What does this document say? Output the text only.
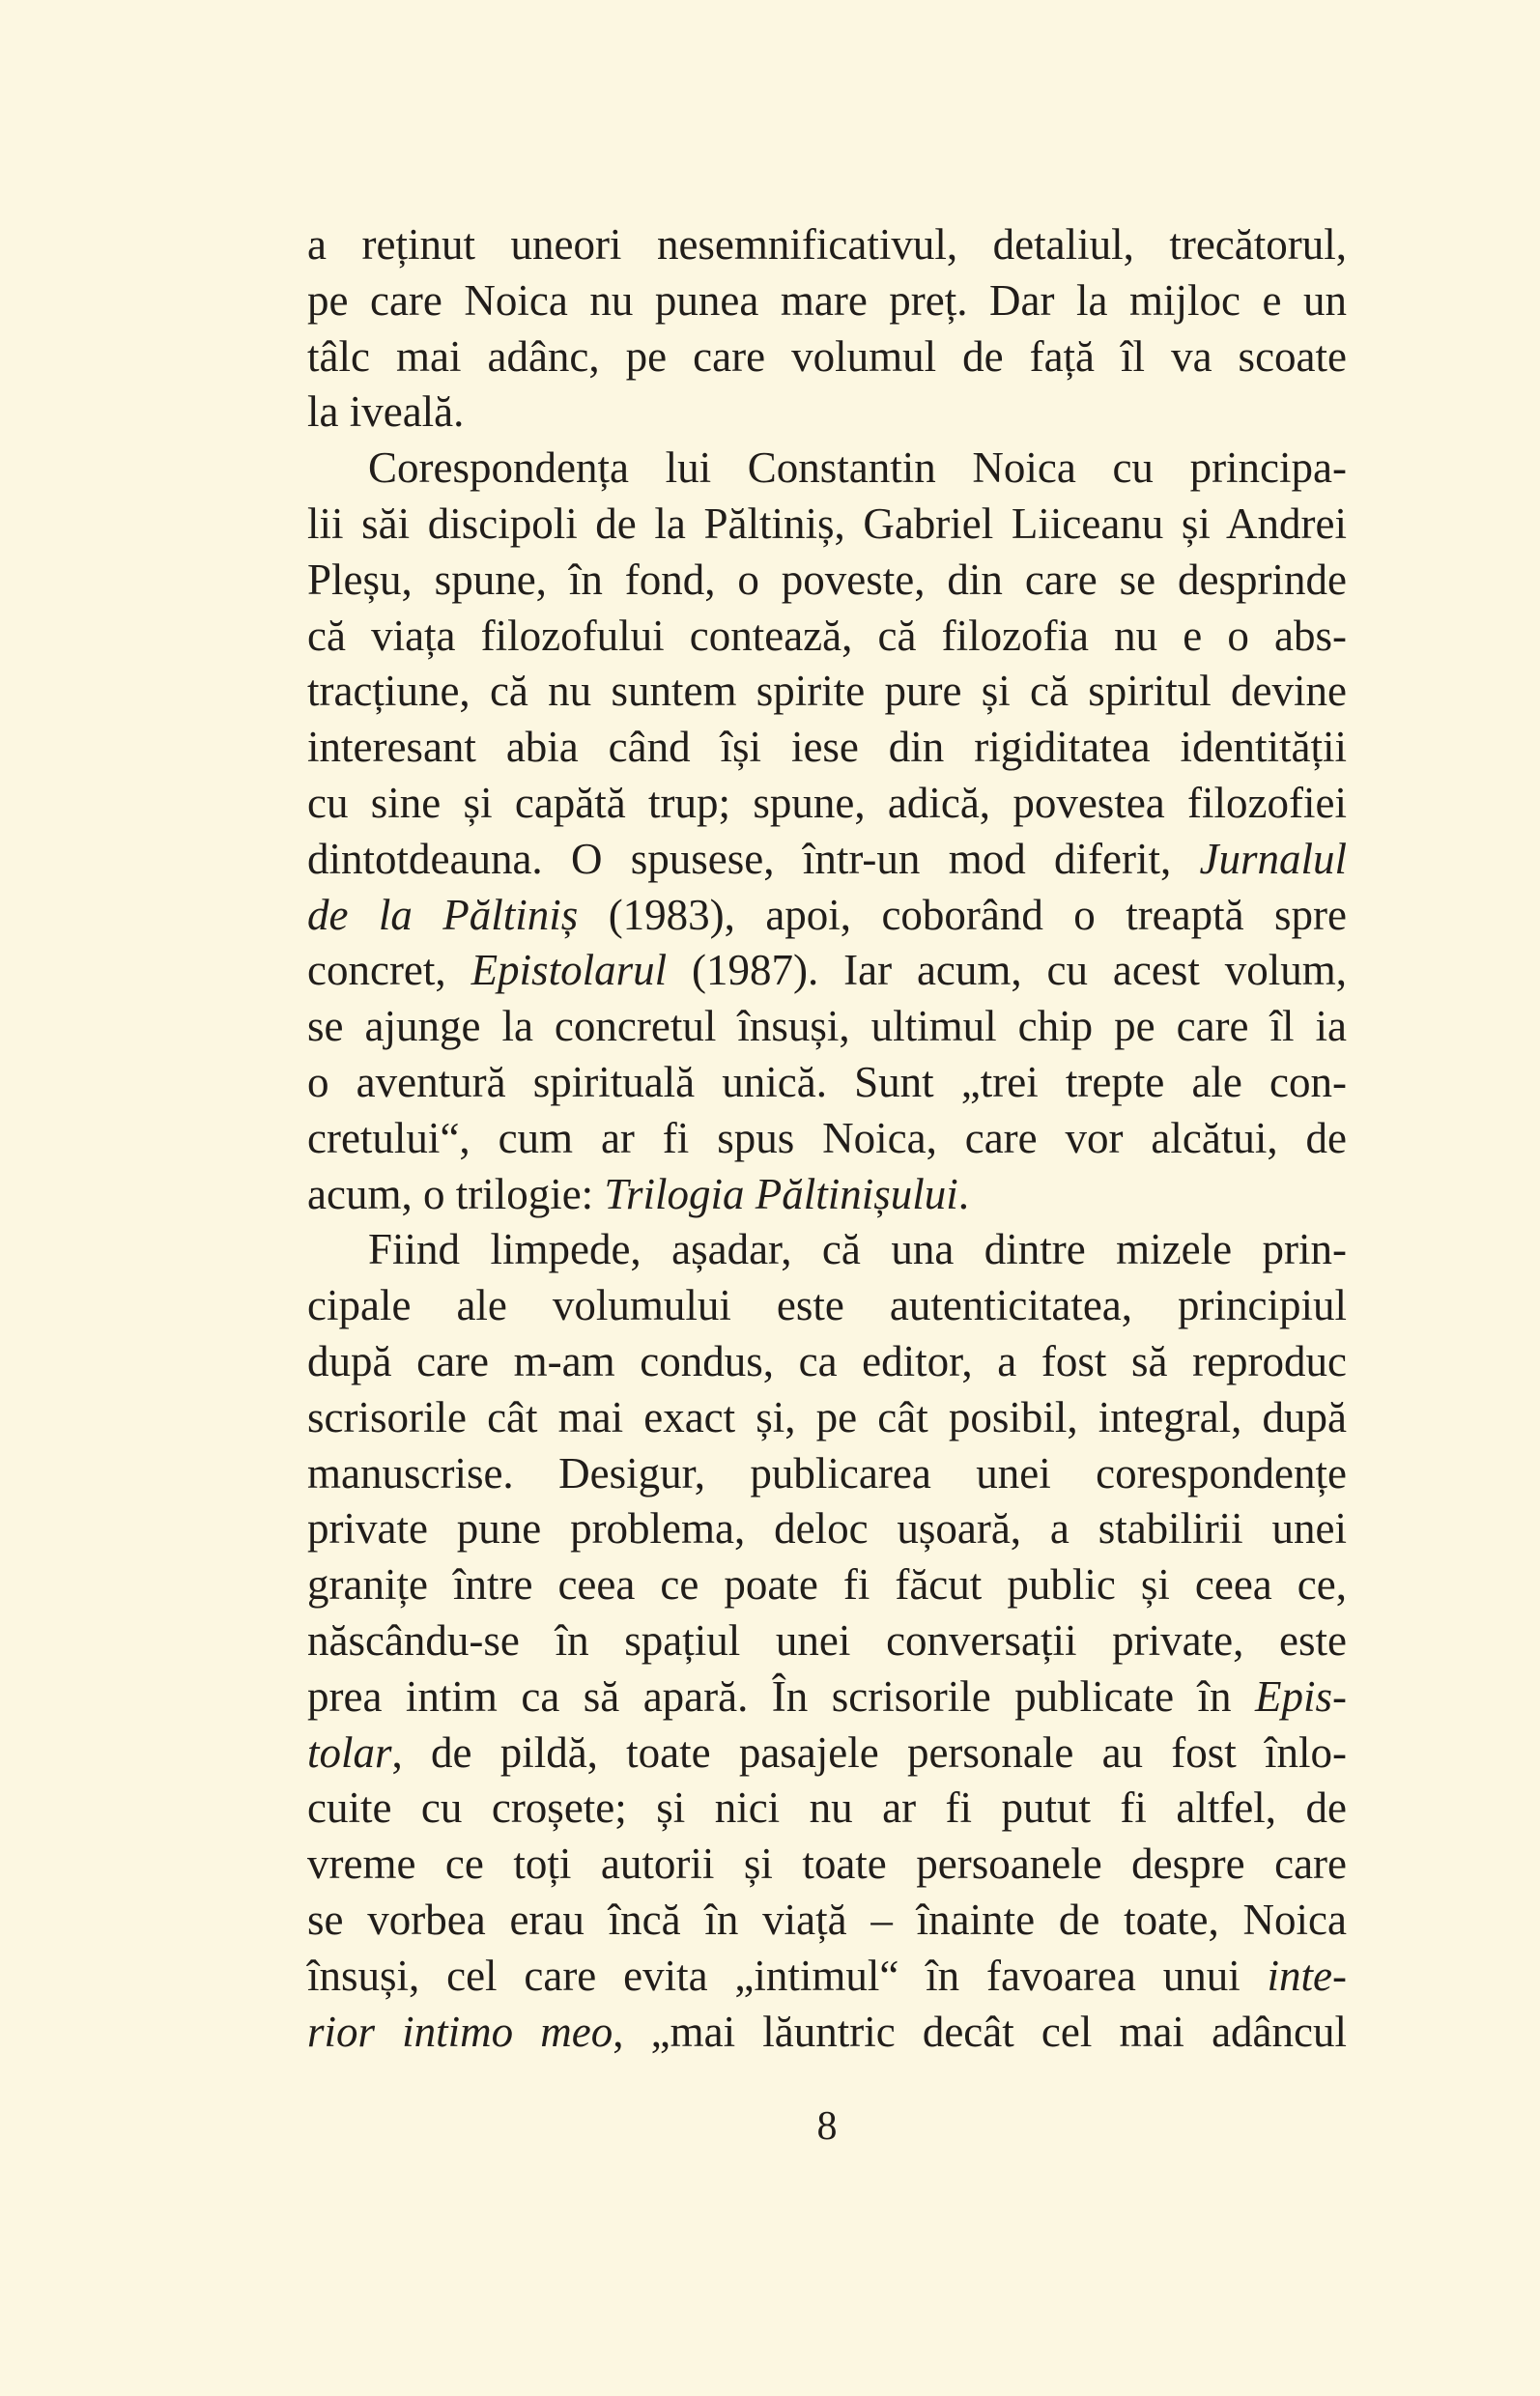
a reținut uneori nesemnificativul, detaliul, trecătorul,
pe care Noica nu punea mare preț. Dar la mijloc e un
tâlc mai adânc, pe care volumul de față îl va scoate
la iveală.
Corespondența lui Constantin Noica cu principa-
lii săi discipoli de la Păltiniș, Gabriel Liiceanu și Andrei
Pleșu, spune, în fond, o poveste, din care se desprinde
că viața filozofului contează, că filozofia nu e o abs-
tracțiune, că nu suntem spirite pure și că spiritul devine
interesant abia când își iese din rigiditatea identității
cu sine și capătă trup; spune, adică, povestea filozofiei
dintotdeauna. O spusese, într-un mod diferit, Jurnalul
de la Păltiniș (1983), apoi, coborând o treaptă spre
concret, Epistolarul (1987). Iar acum, cu acest volum,
se ajunge la concretul însuși, ultimul chip pe care îl ia
o aventură spirituală unică. Sunt „trei trepte ale con-
cretului“, cum ar fi spus Noica, care vor alcătui, de
acum, o trilogie: Trilogia Păltinișului.
Fiind limpede, așadar, că una dintre mizele prin-
cipale ale volumului este autenticitatea, principiul
după care m-am condus, ca editor, a fost să reproduc
scrisorile cât mai exact și, pe cât posibil, integral, după
manuscrise. Desigur, publicarea unei corespondențe
private pune problema, deloc ușoară, a stabilirii unei
granițe între ceea ce poate fi făcut public și ceea ce,
născându-se în spațiul unei conversații private, este
prea intim ca să apară. În scrisorile publicate în Epis-
tolar, de pildă, toate pasajele personale au fost înlo-
cuite cu croșete; și nici nu ar fi putut fi altfel, de
vreme ce toți autorii și toate persoanele despre care
se vorbea erau încă în viață – înainte de toate, Noica
însuși, cel care evita „intimul“ în favoarea unui inte-
rior intimo meo, „mai lăuntric decât cel mai adâncul
8
